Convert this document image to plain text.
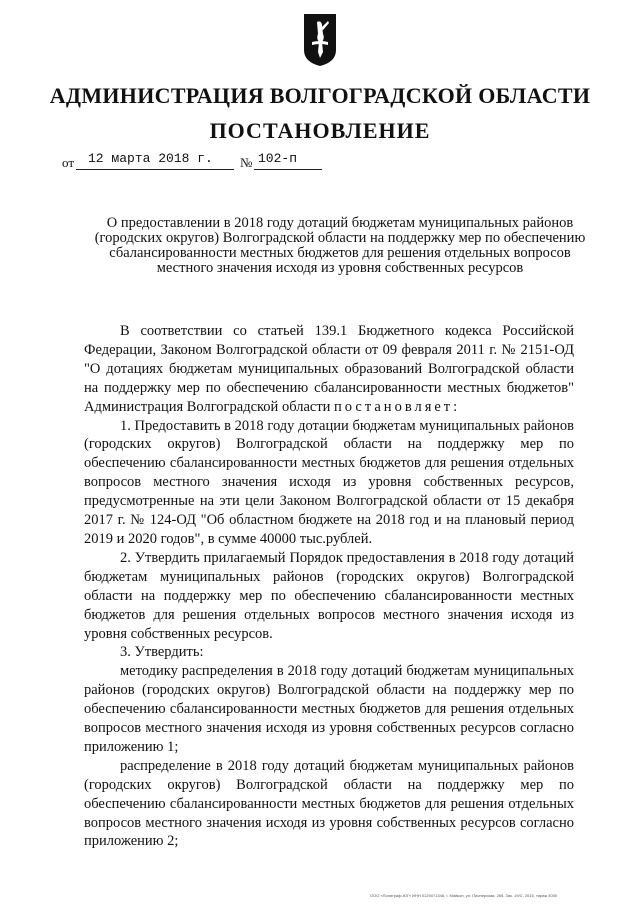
АДМИНИСТРАЦИЯ ВОЛГОГРАДСКОЙ ОБЛАСТИ
ПОСТАНОВЛЕНИЕ
от 12 марта 2018 г. № 102-п
О предоставлении в 2018 году дотаций бюджетам муниципальных районов (городских округов) Волгоградской области на поддержку мер по обеспечению сбалансированности местных бюджетов для решения отдельных вопросов местного значения исходя из уровня собственных ресурсов

В соответствии со статьей 139.1 Бюджетного кодекса Российской Федерации, Законом Волгоградской области от 09 февраля 2011 г. № 2151-ОД "О дотациях бюджетам муниципальных образований Волгоградской области на поддержку мер по обеспечению сбалансированности местных бюджетов" Администрация Волгоградской области постановляет:

1. Предоставить в 2018 году дотации бюджетам муниципальных районов (городских округов) Волгоградской области на поддержку мер по обеспечению сбалансированности местных бюджетов для решения отдельных вопросов местного значения исходя из уровня собственных ресурсов, предусмотренные на эти цели Законом Волгоградской области от 15 декабря 2017 г. № 124-ОД "Об областном бюджете на 2018 год и на плановый период 2019 и 2020 годов", в сумме 40000 тыс.рублей.

2. Утвердить прилагаемый Порядок предоставления в 2018 году дотаций бюджетам муниципальных районов (городских округов) Волгоградской области на поддержку мер по обеспечению сбалансированности местных бюджетов для решения отдельных вопросов местного значения исходя из уровня собственных ресурсов.

3. Утвердить:

методику распределения в 2018 году дотаций бюджетам муниципальных районов (городских округов) Волгоградской области на поддержку мер по обеспечению сбалансированности местных бюджетов для решения отдельных вопросов местного значения исходя из уровня собственных ресурсов согласно приложению 1;

распределение в 2018 году дотаций бюджетам муниципальных районов (городских округов) Волгоградской области на поддержку мер по обеспечению сбалансированности местных бюджетов для решения отдельных вопросов местного значения исходя из уровня собственных ресурсов согласно приложению 2;

ООО «Полиграф-ЮГ» ИНН 0129071348, г. Майкоп, ул. Пионерская, 268. Зак. 19/С, 2015, тираж 4000
